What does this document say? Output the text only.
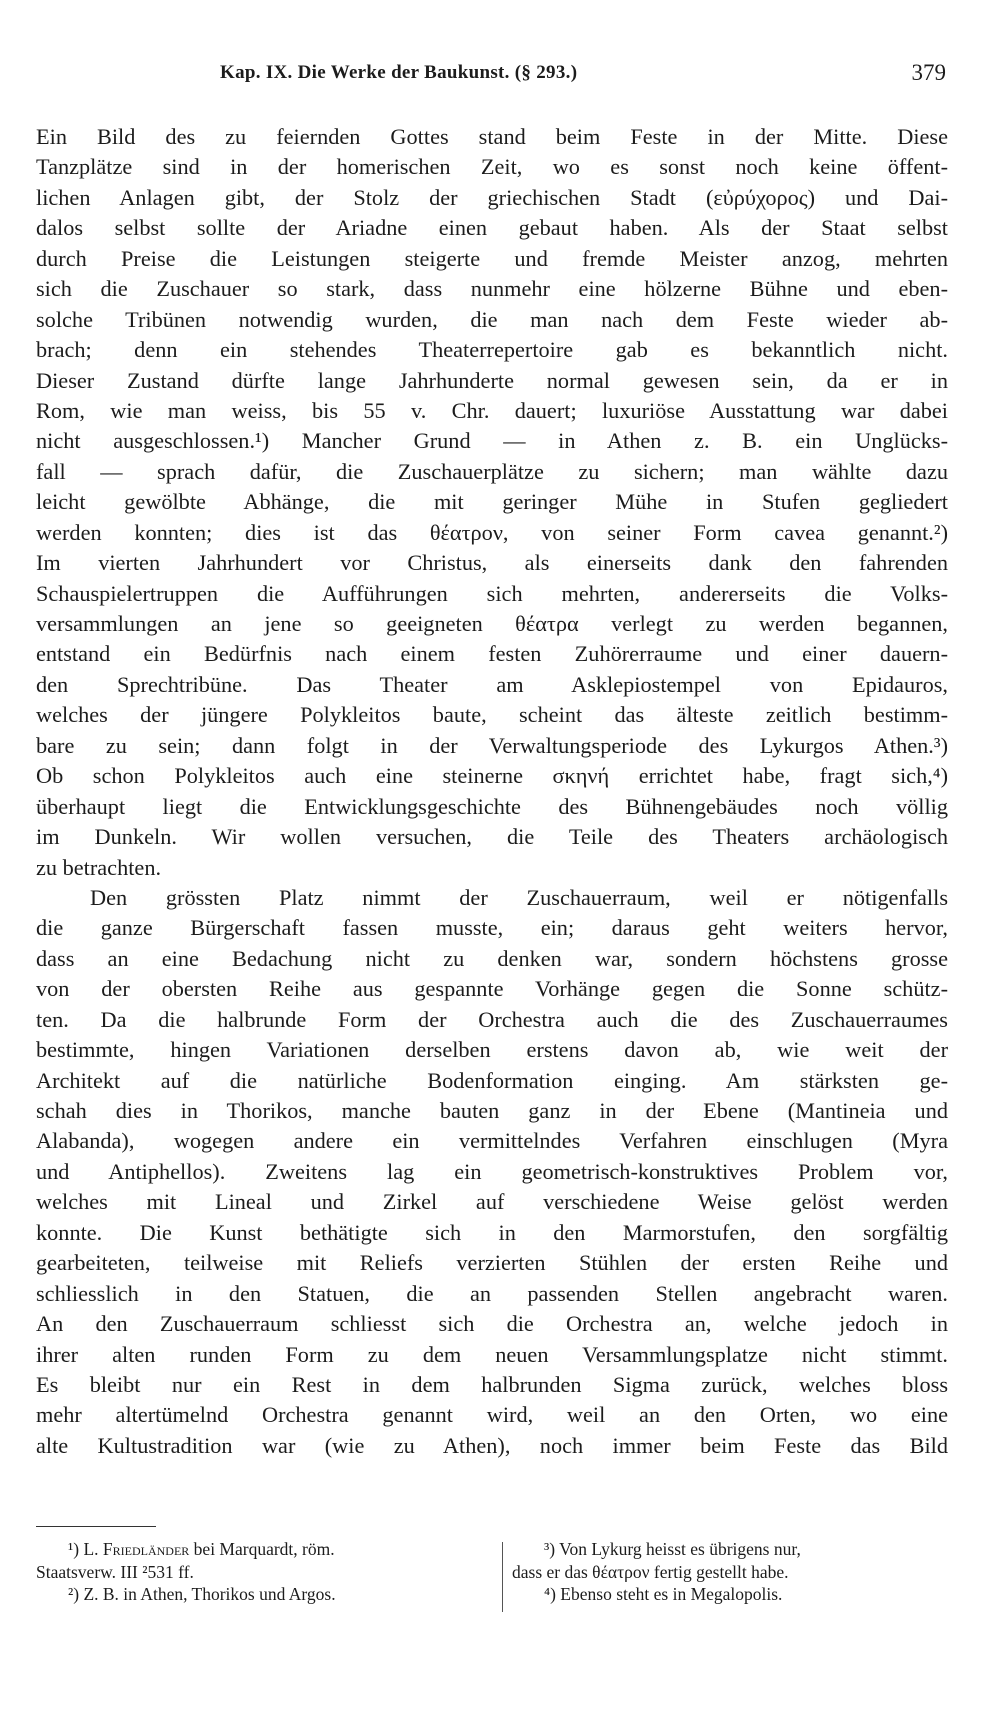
Kap. IX. Die Werke der Baukunst. (§ 293.)	379
Ein Bild des zu feiernden Gottes stand beim Feste in der Mitte. Diese
Tanzplätze sind in der homerischen Zeit, wo es sonst noch keine öffent-
lichen Anlagen gibt, der Stolz der griechischen Stadt (εὐρύχορος) und Dai-
dalos selbst sollte der Ariadne einen gebaut haben. Als der Staat selbst
durch Preise die Leistungen steigerte und fremde Meister anzog, mehrten
sich die Zuschauer so stark, dass nunmehr eine hölzerne Bühne und eben-
solche Tribünen notwendig wurden, die man nach dem Feste wieder ab-
brach; denn ein stehendes Theaterrepertoire gab es bekanntlich nicht.
Dieser Zustand dürfte lange Jahrhunderte normal gewesen sein, da er in
Rom, wie man weiss, bis 55 v. Chr. dauert; luxuriöse Ausstattung war dabei
nicht ausgeschlossen.¹) Mancher Grund — in Athen z. B. ein Unglücks-
fall — sprach dafür, die Zuschauerplätze zu sichern; man wählte dazu
leicht gewölbte Abhänge, die mit geringer Mühe in Stufen gegliedert
werden konnten; dies ist das θέατρον, von seiner Form cavea genannt.²)
Im vierten Jahrhundert vor Christus, als einerseits dank den fahrenden
Schauspielertruppen die Aufführungen sich mehrten, andererseits die Volks-
versammlungen an jene so geeigneten θέατρα verlegt zu werden begannen,
entstand ein Bedürfnis nach einem festen Zuhörerraume und einer dauern-
den Sprechtribüne. Das Theater am Asklepiostempel von Epidauros,
welches der jüngere Polykleitos baute, scheint das älteste zeitlich bestimm-
bare zu sein; dann folgt in der Verwaltungsperiode des Lykurgos Athen.³)
Ob schon Polykleitos auch eine steinerne σκηνή errichtet habe, fragt sich,⁴)
überhaupt liegt die Entwicklungsgeschichte des Bühnengebäudes noch völlig
im Dunkeln. Wir wollen versuchen, die Teile des Theaters archäologisch
zu betrachten.
Den grössten Platz nimmt der Zuschauerraum, weil er nötigenfalls
die ganze Bürgerschaft fassen musste, ein; daraus geht weiters hervor,
dass an eine Bedachung nicht zu denken war, sondern höchstens grosse
von der obersten Reihe aus gespannte Vorhänge gegen die Sonne schütz-
ten. Da die halbrunde Form der Orchestra auch die des Zuschauerraumes
bestimmte, hingen Variationen derselben erstens davon ab, wie weit der
Architekt auf die natürliche Bodenformation einging. Am stärksten ge-
schah dies in Thorikos, manche bauten ganz in der Ebene (Mantineia und
Alabanda), wogegen andere ein vermittelndes Verfahren einschlugen (Myra
und Antiphellos). Zweitens lag ein geometrisch-konstruktives Problem vor,
welches mit Lineal und Zirkel auf verschiedene Weise gelöst werden
konnte. Die Kunst bethätigte sich in den Marmorstufen, den sorgfältig
gearbeiteten, teilweise mit Reliefs verzierten Stühlen der ersten Reihe und
schliesslich in den Statuen, die an passenden Stellen angebracht waren.
An den Zuschauerraum schliesst sich die Orchestra an, welche jedoch in
ihrer alten runden Form zu dem neuen Versammlungsplatze nicht stimmt.
Es bleibt nur ein Rest in dem halbrunden Sigma zurück, welches bloss
mehr altertümelnd Orchestra genannt wird, weil an den Orten, wo eine
alte Kultustradition war (wie zu Athen), noch immer beim Feste das Bild
¹) L. Friedländer bei Marquardt, röm.
Staatsverw. III ²531 ff.
²) Z. B. in Athen, Thorikos und Argos.
³) Von Lykurg heisst es übrigens nur,
dass er das θέατρον fertig gestellt habe.
⁴) Ebenso steht es in Megalopolis.
